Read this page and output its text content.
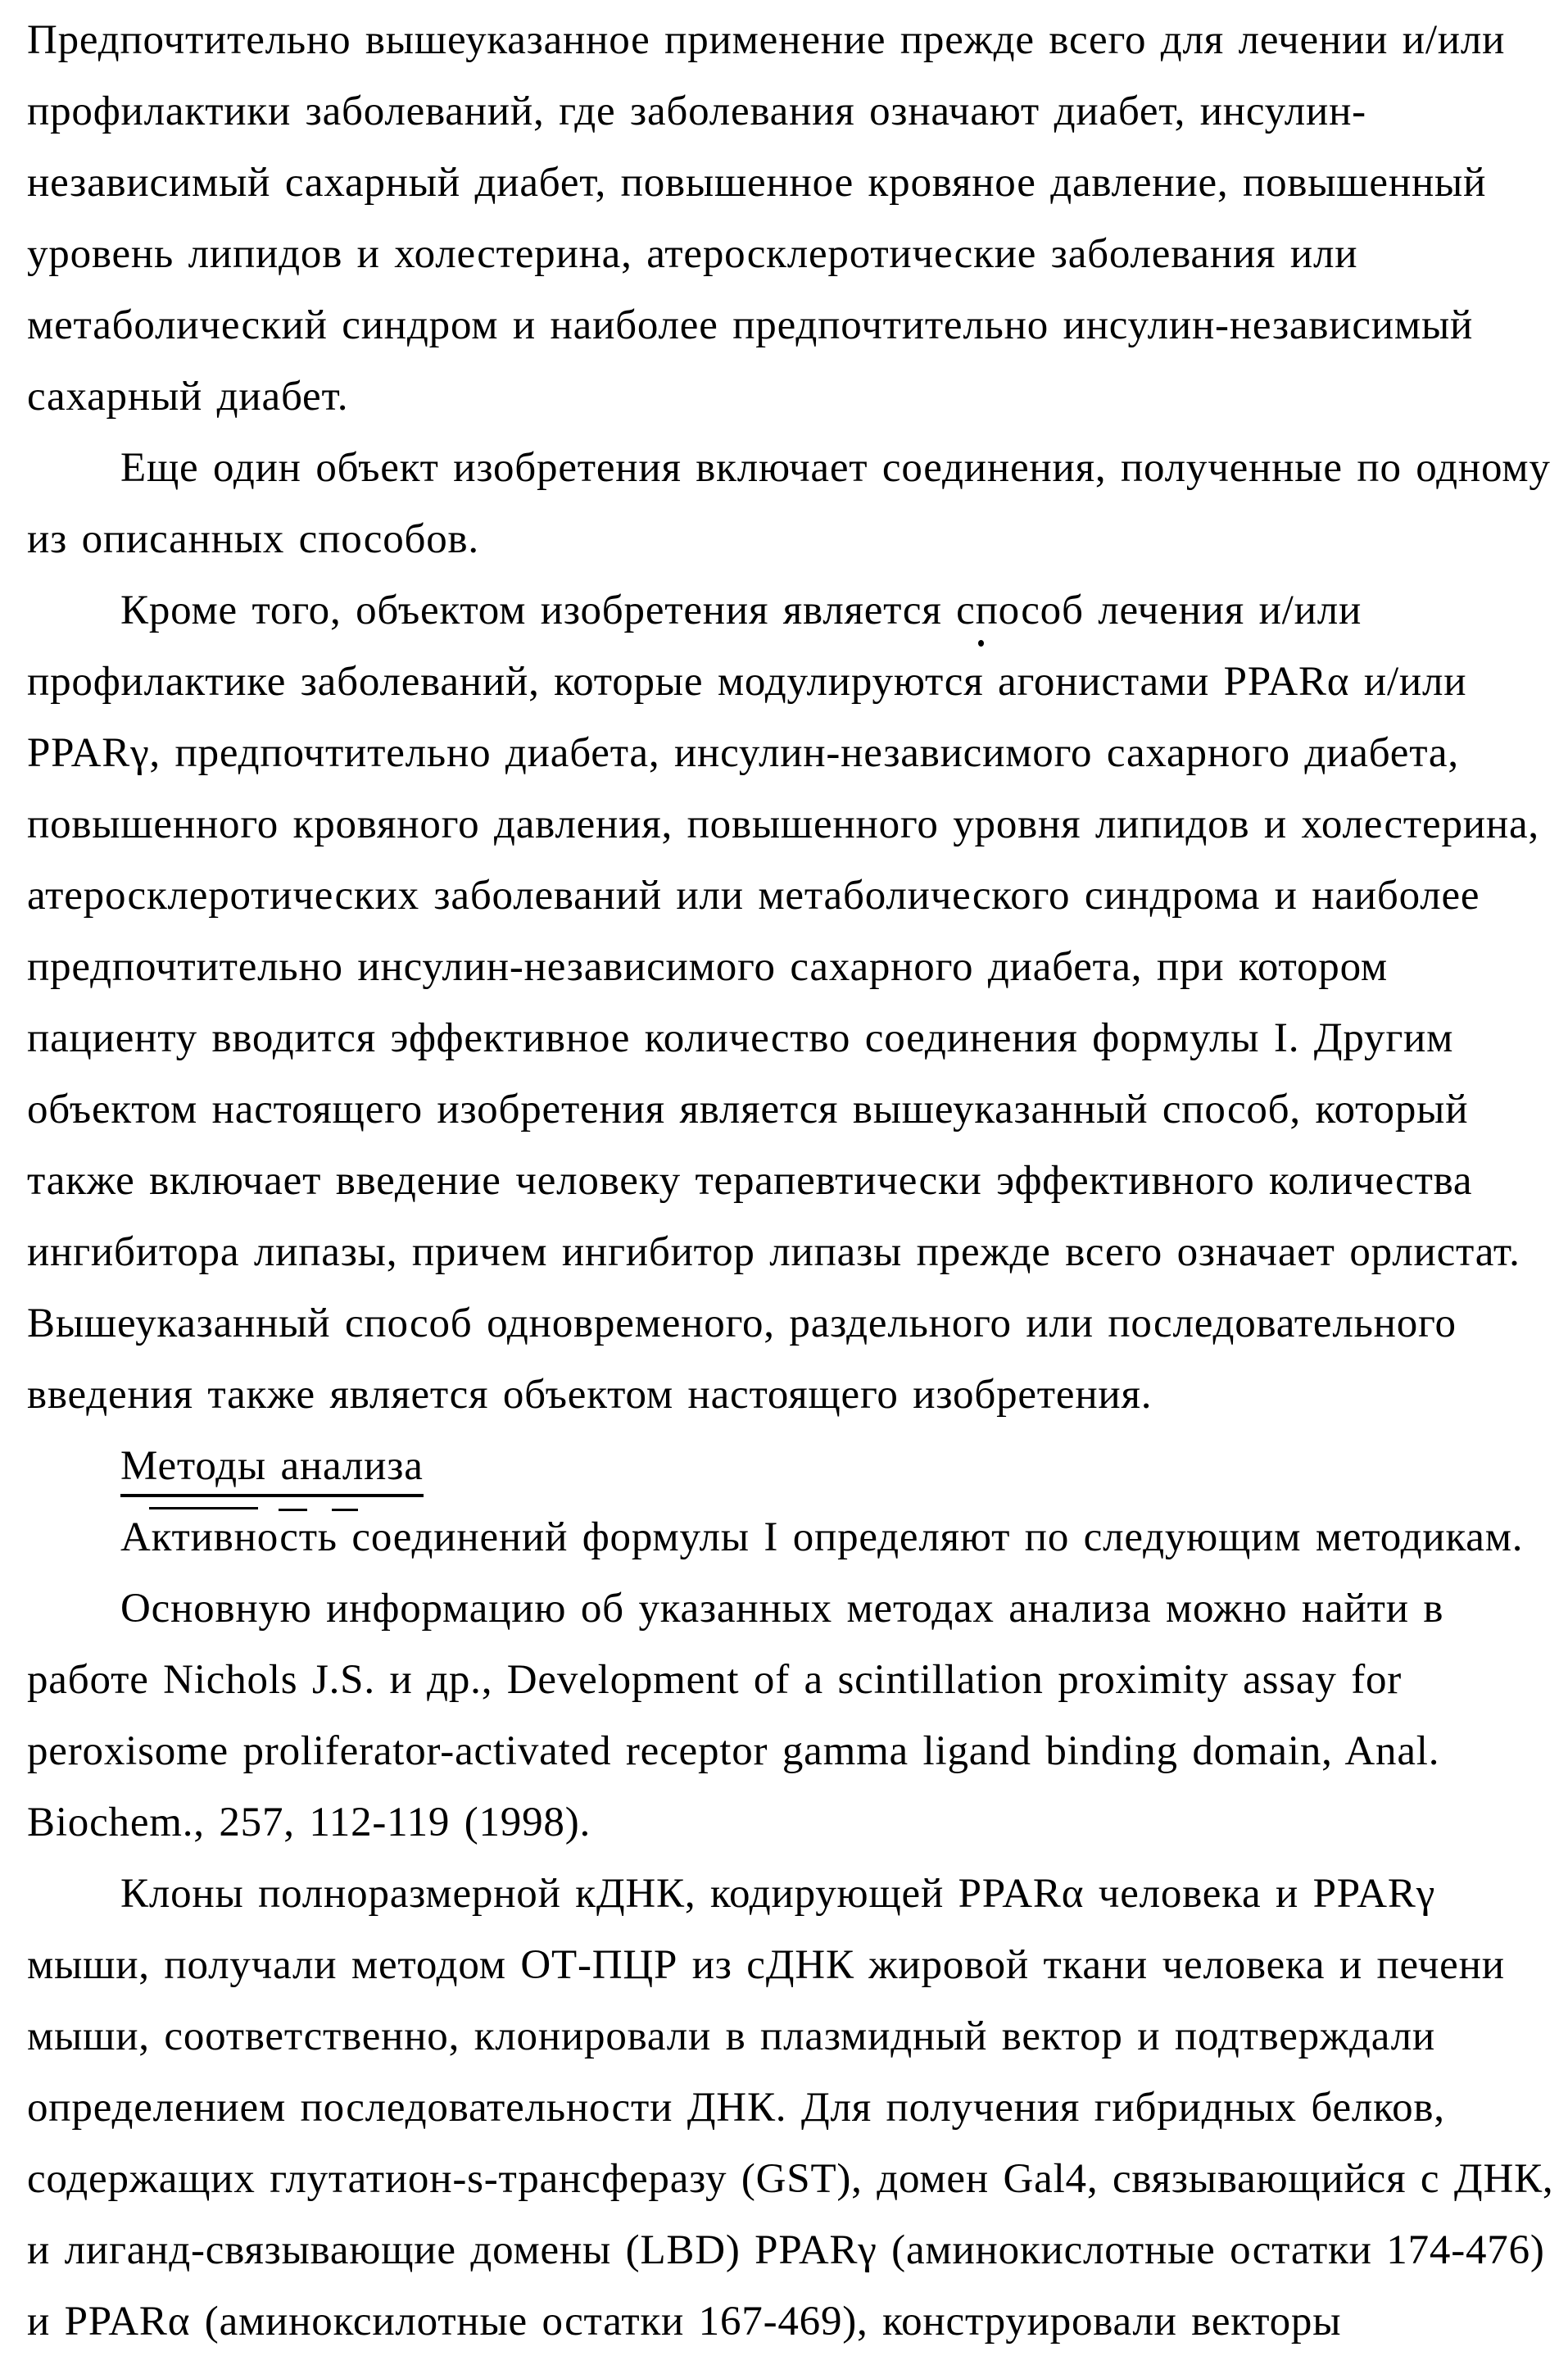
Предпочтительно вышеуказанное применение прежде всего для лечении и/или
профилактики заболеваний, где заболевания означают диабет, инсулин-
независимый сахарный диабет, повышенное кровяное давление, повышенный
уровень липидов и холестерина, атеросклеротические заболевания или
метаболический синдром и наиболее предпочтительно инсулин-независимый
сахарный диабет.
Еще один объект изобретения включает соединения, полученные по одному
из описанных способов.
Кроме того, объектом изобретения является способ лечения и/или
профилактике заболеваний, которые модулируются агонистами PPARα и/или
PPARγ, предпочтительно диабета, инсулин-независимого сахарного диабета,
повышенного кровяного давления, повышенного уровня липидов и холестерина,
атеросклеротических заболеваний или метаболического синдрома и наиболее
предпочтительно инсулин-независимого сахарного диабета, при котором
пациенту вводится эффективное количество соединения формулы I. Другим
объектом настоящего изобретения является вышеуказанный способ, который
также включает введение человеку терапевтически эффективного количества
ингибитора липазы, причем ингибитор липазы прежде всего означает орлистат.
Вышеуказанный способ одновременого, раздельного или последовательного
введения также является объектом настоящего изобретения.
Методы анализа
Активность соединений формулы I определяют по следующим методикам.
Основную информацию об указанных методах анализа можно найти в
работе Nichols J.S. и др., Development of a scintillation proximity assay for
peroxisome proliferator-activated receptor gamma ligand binding domain, Anal.
Biochem., 257, 112-119 (1998).
Клоны полноразмерной кДНК, кодирующей PPARα человека и PPARγ
мыши, получали методом ОТ-ПЦР из сДНК жировой ткани человека и печени
мыши, соответственно, клонировали в плазмидный вектор и подтверждали
определением последовательности ДНК. Для получения гибридных белков,
содержащих глутатион-s-трансферазу (GST), домен Gal4, связывающийся с ДНК,
и лиганд-связывающие домены (LBD) PPARγ (аминокислотные остатки 174-476)
и PPARα (аминоксилотные остатки 167-469), конструировали векторы
